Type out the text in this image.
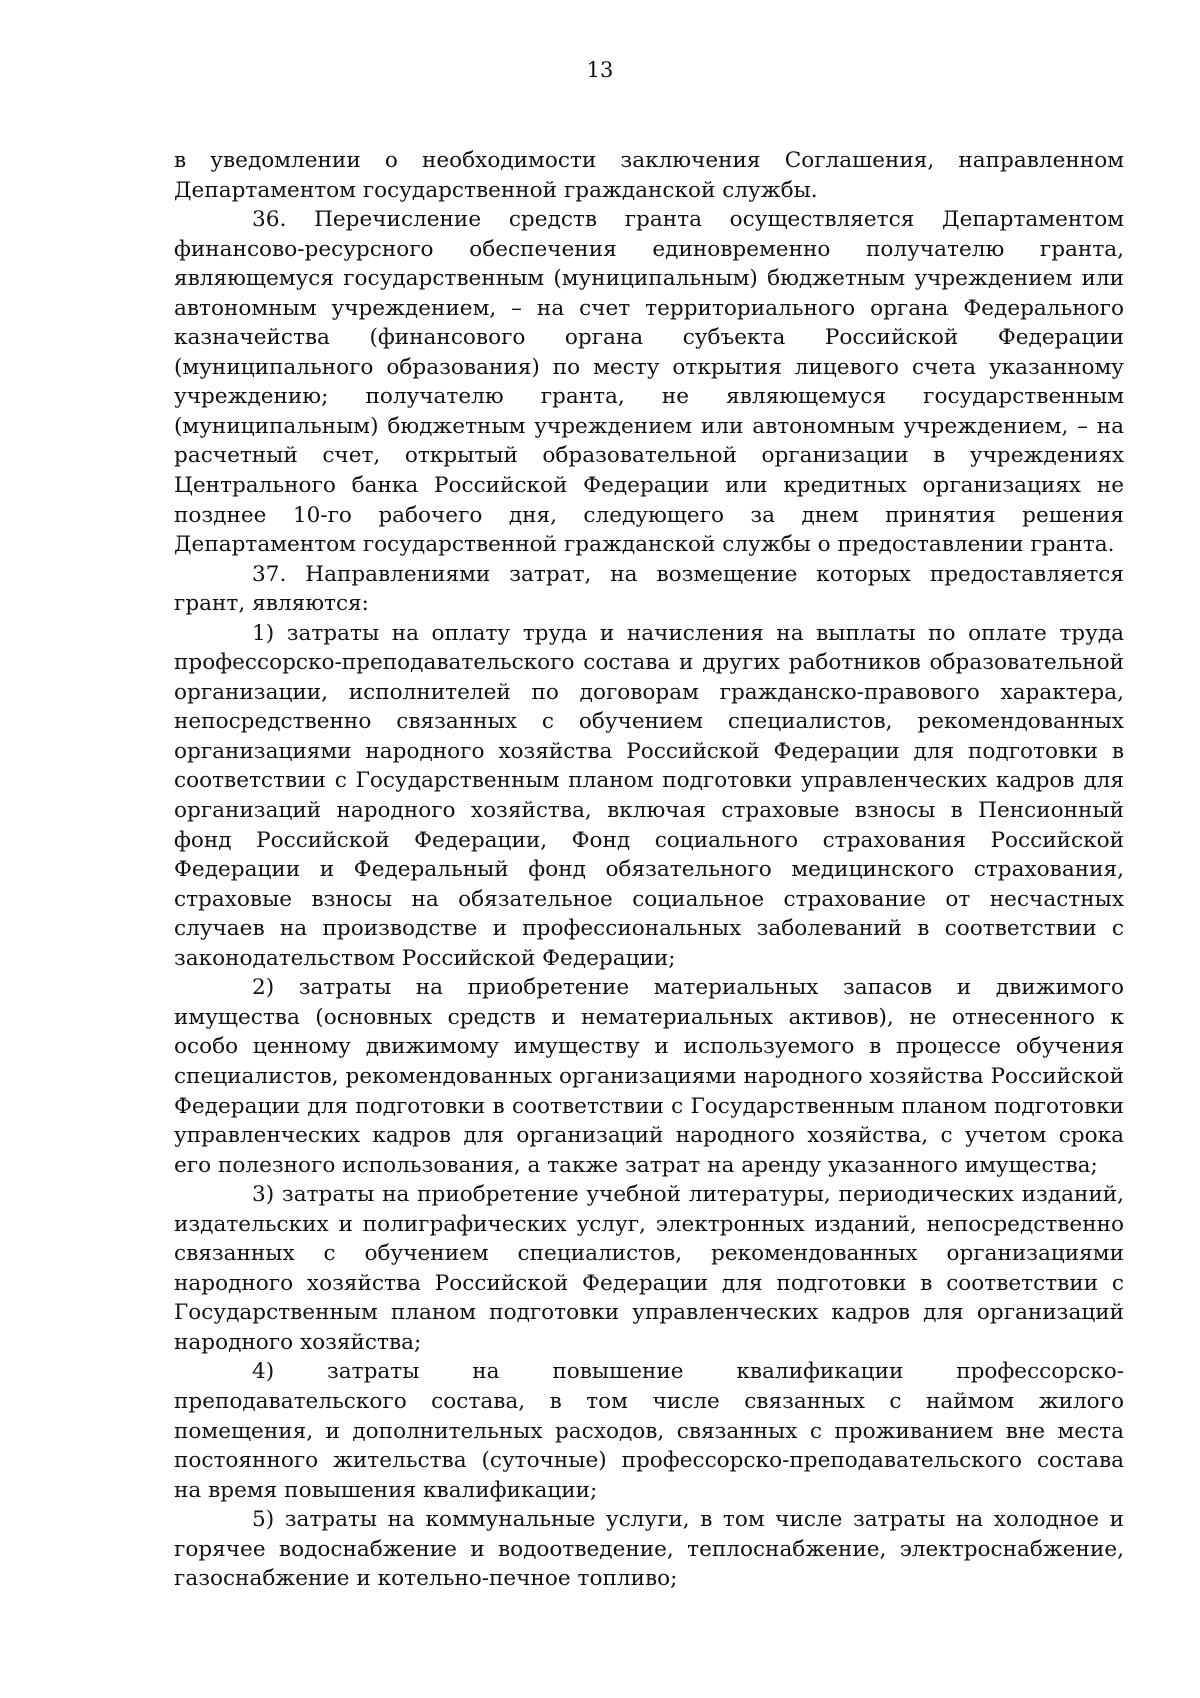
13

в уведомлении о необходимости заключения Соглашения, направленном Департаментом государственной гражданской службы.

36. Перечисление средств гранта осуществляется Департаментом финансово-ресурсного обеспечения единовременно получателю гранта, являющемуся государственным (муниципальным) бюджетным учреждением или автономным учреждением, – на счет территориального органа Федерального казначейства (финансового органа субъекта Российской Федерации (муниципального образования) по месту открытия лицевого счета указанному учреждению; получателю гранта, не являющемуся государственным (муниципальным) бюджетным учреждением или автономным учреждением, – на расчетный счет, открытый образовательной организации в учреждениях Центрального банка Российской Федерации или кредитных организациях не позднее 10-го рабочего дня, следующего за днем принятия решения Департаментом государственной гражданской службы о предоставлении гранта.

37. Направлениями затрат, на возмещение которых предоставляется грант, являются:

1) затраты на оплату труда и начисления на выплаты по оплате труда профессорско-преподавательского состава и других работников образовательной организации, исполнителей по договорам гражданско-правового характера, непосредственно связанных с обучением специалистов, рекомендованных организациями народного хозяйства Российской Федерации для подготовки в соответствии с Государственным планом подготовки управленческих кадров для организаций народного хозяйства, включая страховые взносы в Пенсионный фонд Российской Федерации, Фонд социального страхования Российской Федерации и Федеральный фонд обязательного медицинского страхования, страховые взносы на обязательное социальное страхование от несчастных случаев на производстве и профессиональных заболеваний в соответствии с законодательством Российской Федерации;

2) затраты на приобретение материальных запасов и движимого имущества (основных средств и нематериальных активов), не отнесенного к особо ценному движимому имуществу и используемого в процессе обучения специалистов, рекомендованных организациями народного хозяйства Российской Федерации для подготовки в соответствии с Государственным планом подготовки управленческих кадров для организаций народного хозяйства, с учетом срока его полезного использования, а также затрат на аренду указанного имущества;

3) затраты на приобретение учебной литературы, периодических изданий, издательских и полиграфических услуг, электронных изданий, непосредственно связанных с обучением специалистов, рекомендованных организациями народного хозяйства Российской Федерации для подготовки в соответствии с Государственным планом подготовки управленческих кадров для организаций народного хозяйства;

4) затраты на повышение квалификации профессорско-преподавательского состава, в том числе связанных с наймом жилого помещения, и дополнительных расходов, связанных с проживанием вне места постоянного жительства (суточные) профессорско-преподавательского состава на время повышения квалификации;

5) затраты на коммунальные услуги, в том числе затраты на холодное и горячее водоснабжение и водоотведение, теплоснабжение, электроснабжение, газоснабжение и котельно-печное топливо;
